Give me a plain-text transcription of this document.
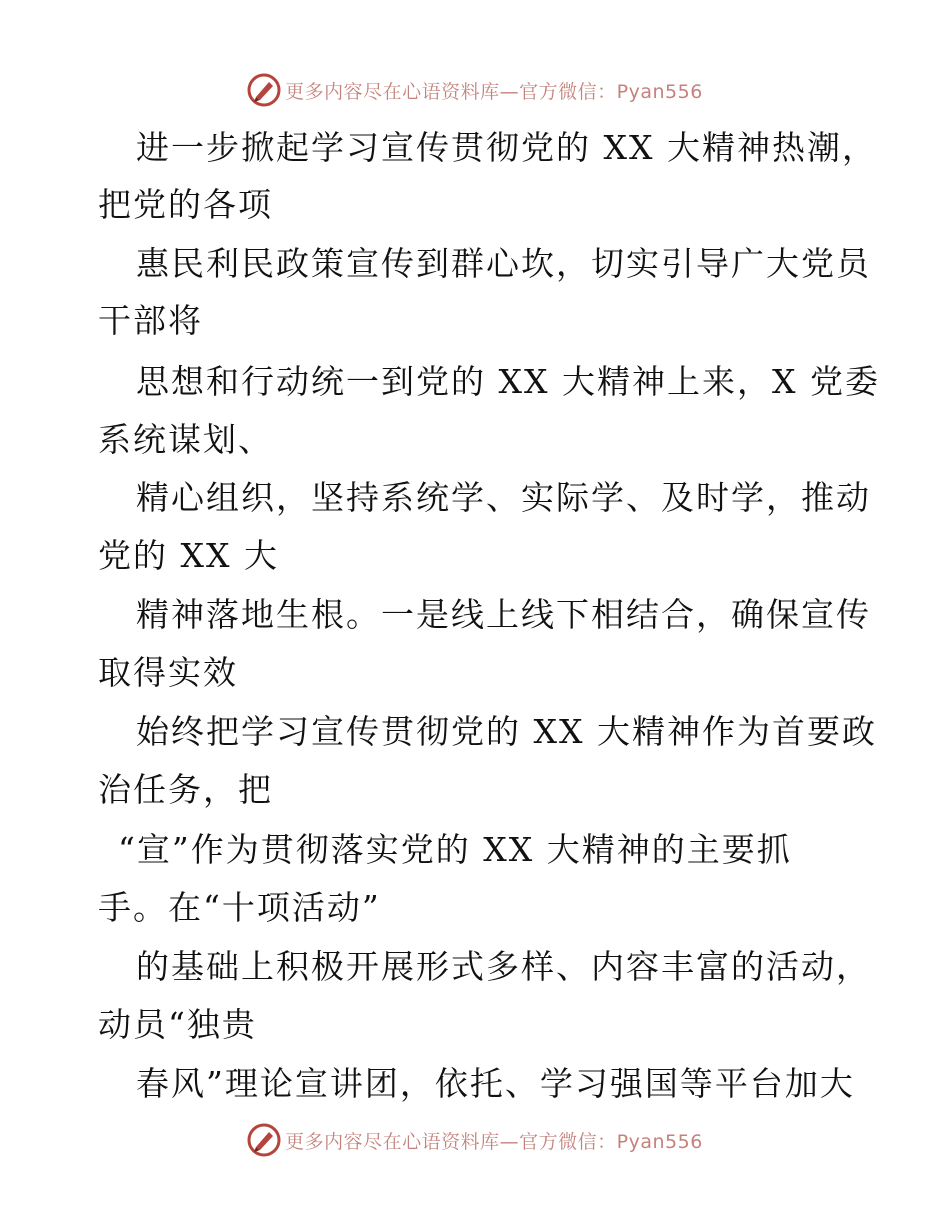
更多内容尽在心语资料库—官方微信：Pyan556
进一步掀起学习宣传贯彻党的 XX 大精神热潮，
把党的各项
惠民利民政策宣传到群心坎，切实引导广大党员
干部将
思想和行动统一到党的 XX 大精神上来，X 党委
系统谋划、
精心组织，坚持系统学、实际学、及时学，推动
党的 XX 大
精神落地生根。一是线上线下相结合，确保宣传
取得实效
始终把学习宣传贯彻党的 XX 大精神作为首要政
治任务，把
“宣”作为贯彻落实党的 XX 大精神的主要抓
手。在“十项活动”
的基础上积极开展形式多样、内容丰富的活动，
动员“独贵
春风”理论宣讲团，依托、学习强国等平台加大
更多内容尽在心语资料库—官方微信：Pyan556
